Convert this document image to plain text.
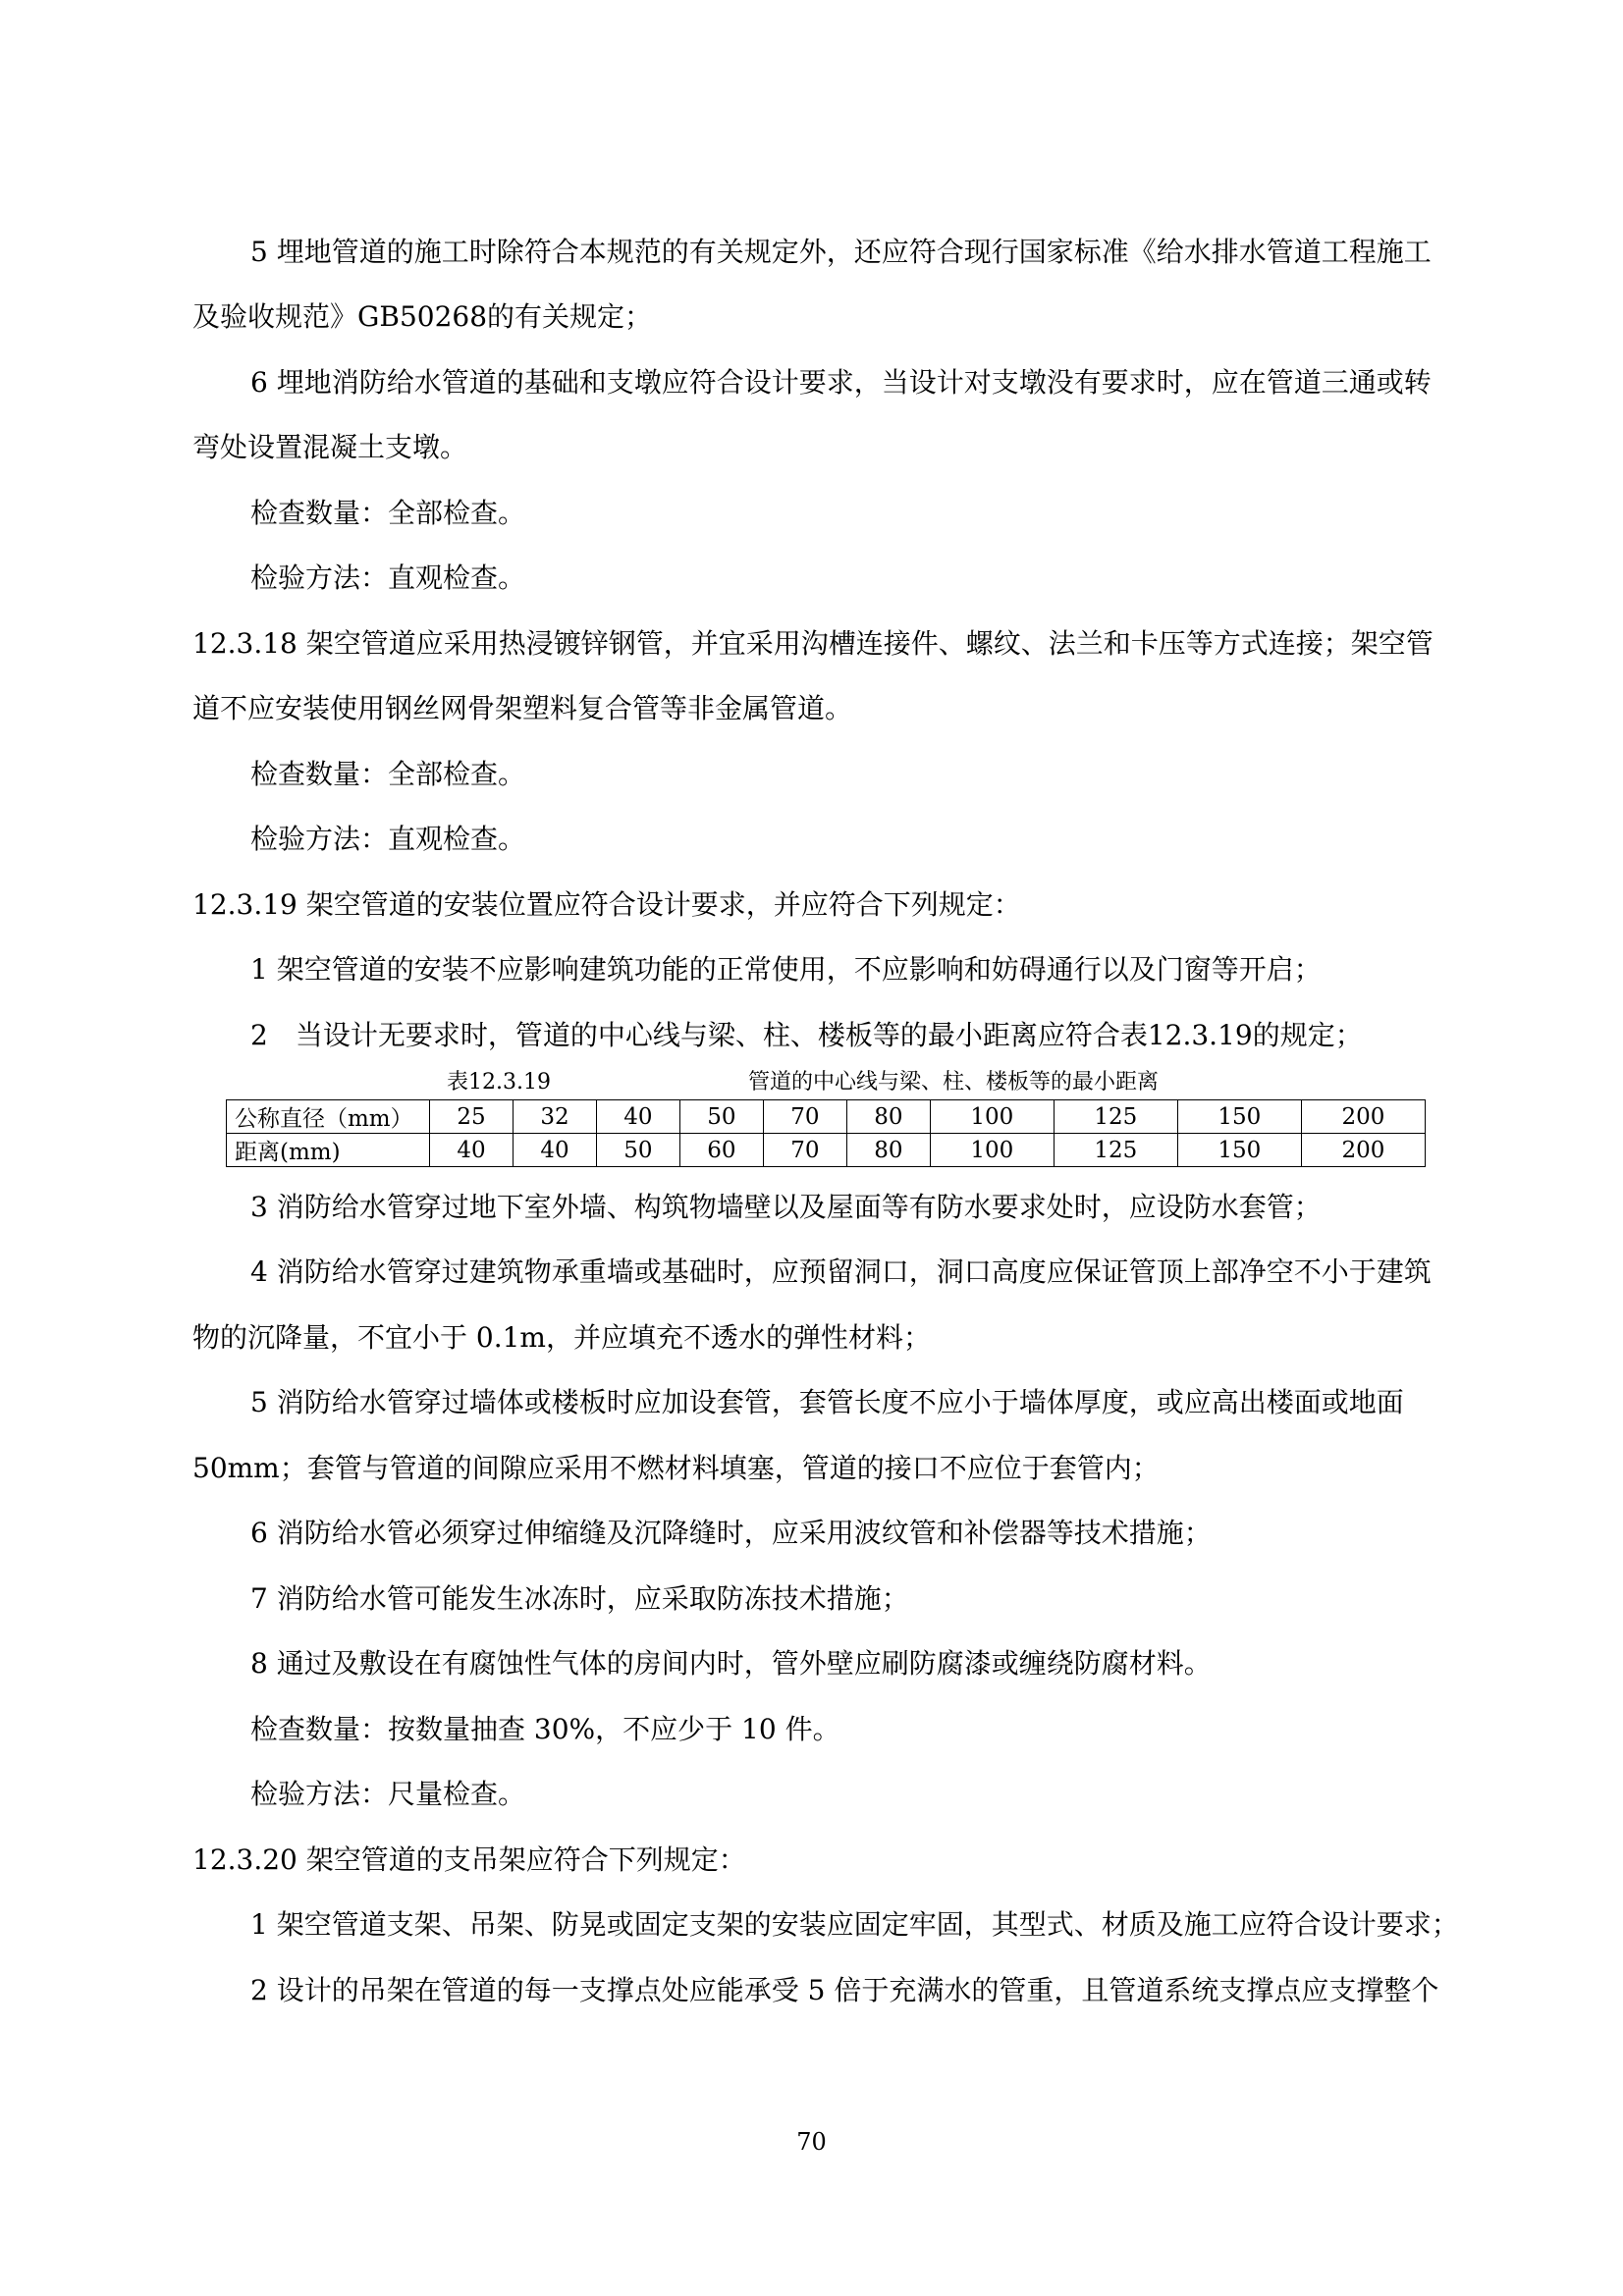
5 埋地管道的施工时除符合本规范的有关规定外，还应符合现行国家标准《给水排水管道工程施工
及验收规范》GB50268的有关规定；
6 埋地消防给水管道的基础和支墩应符合设计要求，当设计对支墩没有要求时，应在管道三通或转
弯处设置混凝土支墩。
检查数量：全部检查。
检验方法：直观检查。
12.3.18 架空管道应采用热浸镀锌钢管，并宜采用沟槽连接件、螺纹、法兰和卡压等方式连接；架空管
道不应安装使用钢丝网骨架塑料复合管等非金属管道。
检查数量：全部检查。
检验方法：直观检查。
12.3.19 架空管道的安装位置应符合设计要求，并应符合下列规定：
1 架空管道的安装不应影响建筑功能的正常使用，不应影响和妨碍通行以及门窗等开启；
2　当设计无要求时，管道的中心线与梁、柱、楼板等的最小距离应符合表12.3.19的规定；
表12.3.19	管道的中心线与梁、柱、楼板等的最小距离
公称直径（mm）	25	32	40	50	70	80	100	125	150	200
距离(mm)	40	40	50	60	70	80	100	125	150	200
3 消防给水管穿过地下室外墙、构筑物墙壁以及屋面等有防水要求处时，应设防水套管；
4 消防给水管穿过建筑物承重墙或基础时，应预留洞口，洞口高度应保证管顶上部净空不小于建筑
物的沉降量，不宜小于 0.1m，并应填充不透水的弹性材料；
5 消防给水管穿过墙体或楼板时应加设套管，套管长度不应小于墙体厚度，或应高出楼面或地面
50mm；套管与管道的间隙应采用不燃材料填塞，管道的接口不应位于套管内；
6 消防给水管必须穿过伸缩缝及沉降缝时，应采用波纹管和补偿器等技术措施；
7 消防给水管可能发生冰冻时，应采取防冻技术措施；
8 通过及敷设在有腐蚀性气体的房间内时，管外壁应刷防腐漆或缠绕防腐材料。
检查数量：按数量抽查 30%，不应少于 10 件。
检验方法：尺量检查。
12.3.20 架空管道的支吊架应符合下列规定：
1 架空管道支架、吊架、防晃或固定支架的安装应固定牢固，其型式、材质及施工应符合设计要求；
2 设计的吊架在管道的每一支撑点处应能承受 5 倍于充满水的管重，且管道系统支撑点应支撑整个
70
